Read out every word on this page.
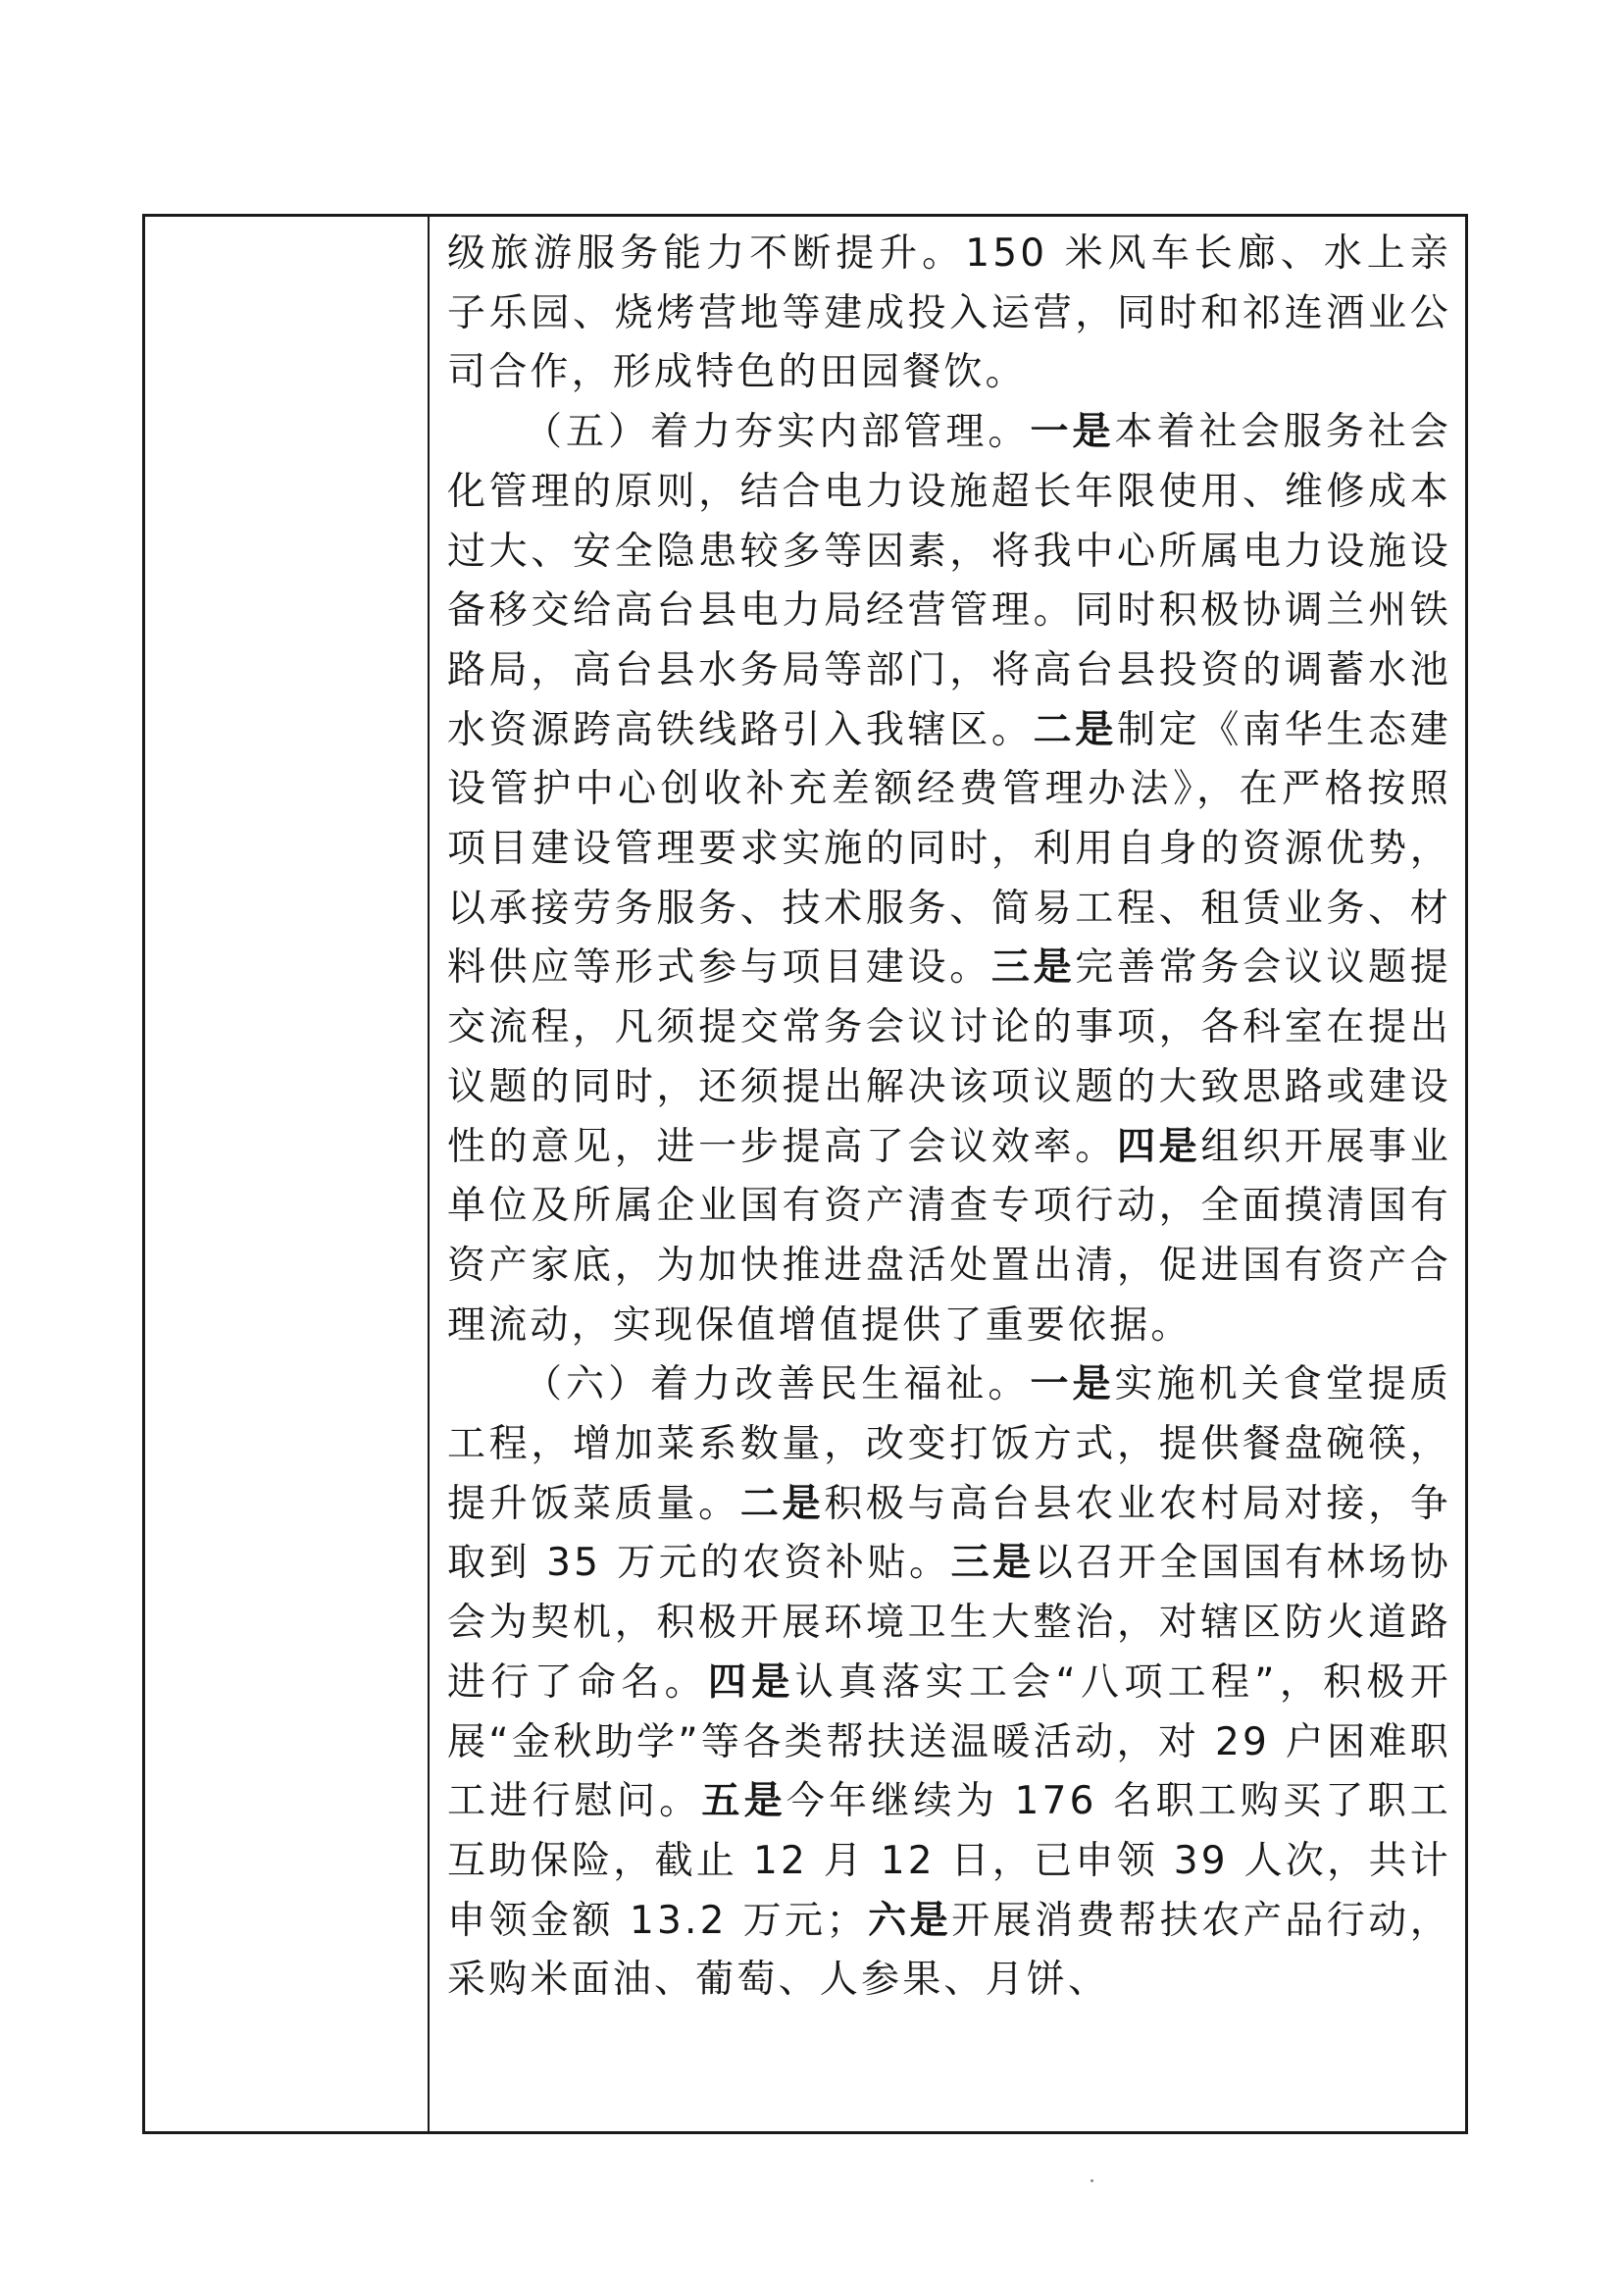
级旅游服务能力不断提升。150 米风车长廊、水上亲子乐园、烧烤营地等建成投入运营，同时和祁连酒业公司合作，形成特色的田园餐饮。

（五）着力夯实内部管理。一是本着社会服务社会化管理的原则，结合电力设施超长年限使用、维修成本过大、安全隐患较多等因素，将我中心所属电力设施设备移交给高台县电力局经营管理。同时积极协调兰州铁路局，高台县水务局等部门，将高台县投资的调蓄水池水资源跨高铁线路引入我辖区。二是制定《南华生态建设管护中心创收补充差额经费管理办法》，在严格按照项目建设管理要求实施的同时，利用自身的资源优势，以承接劳务服务、技术服务、简易工程、租赁业务、材料供应等形式参与项目建设。三是完善常务会议议题提交流程，凡须提交常务会议讨论的事项，各科室在提出议题的同时，还须提出解决该项议题的大致思路或建设性的意见，进一步提高了会议效率。四是组织开展事业单位及所属企业国有资产清查专项行动，全面摸清国有资产家底，为加快推进盘活处置出清，促进国有资产合理流动，实现保值增值提供了重要依据。

（六）着力改善民生福祉。一是实施机关食堂提质工程，增加菜系数量，改变打饭方式，提供餐盘碗筷，提升饭菜质量。二是积极与高台县农业农村局对接，争取到 35 万元的农资补贴。三是以召开全国国有林场协会为契机，积极开展环境卫生大整治，对辖区防火道路进行了命名。四是认真落实工会“八项工程”，积极开展“金秋助学”等各类帮扶送温暖活动，对 29 户困难职工进行慰问。五是今年继续为 176 名职工购买了职工互助保险，截止 12 月 12 日，已申领 39 人次，共计申领金额 13.2 万元；六是开展消费帮扶农产品行动，采购米面油、葡萄、人参果、月饼、
